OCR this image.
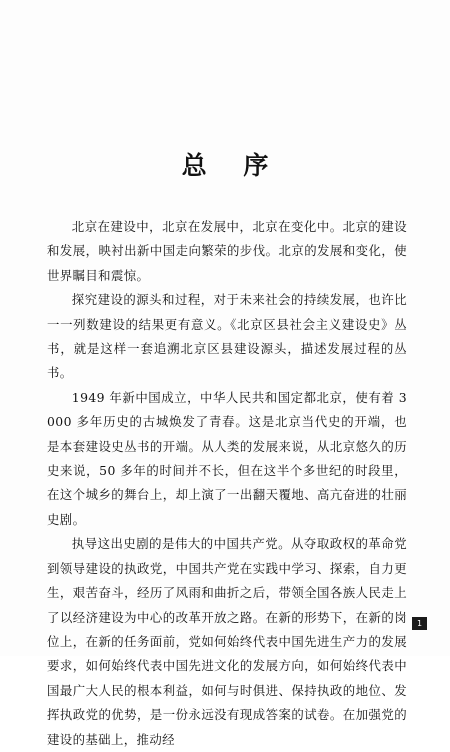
总 序

北京在建设中，北京在发展中，北京在变化中。北京的建设和发展，映衬出新中国走向繁荣的步伐。北京的发展和变化，使世界瞩目和震惊。

探究建设的源头和过程，对于未来社会的持续发展，也许比一一列数建设的结果更有意义。《北京区县社会主义建设史》丛书，就是这样一套追溯北京区县建设源头，描述发展过程的丛书。

1949 年新中国成立，中华人民共和国定都北京，使有着 3000 多年历史的古城焕发了青春。这是北京当代史的开端，也是本套建设史丛书的开端。从人类的发展来说，从北京悠久的历史来说，50 多年的时间并不长，但在这半个多世纪的时段里，在这个城乡的舞台上，却上演了一出翻天覆地、高亢奋进的壮丽史剧。

执导这出史剧的是伟大的中国共产党。从夺取政权的革命党到领导建设的执政党，中国共产党在实践中学习、探索，自力更生，艰苦奋斗，经历了风雨和曲折之后，带领全国各族人民走上了以经济建设为中心的改革开放之路。在新的形势下，在新的岗位上，在新的任务面前，党如何始终代表中国先进生产力的发展要求，如何始终代表中国先进文化的发展方向，如何始终代表中国最广大人民的根本利益，如何与时俱进、保持执政的地位、发挥执政党的优势，是一份永远没有现成答案的试卷。在加强党的建设的基础上，推动经

1
